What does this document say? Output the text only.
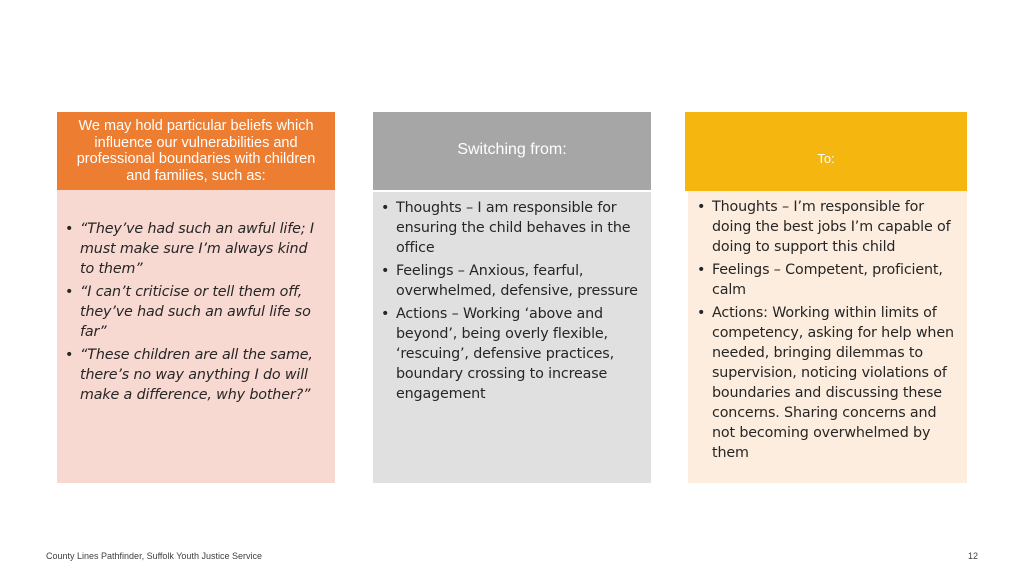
We may hold particular beliefs which influence our vulnerabilities and professional boundaries with children and families, such as:
• “They’ve had such an awful life; I must make sure I’m always kind to them”
• “I can’t criticise or tell them off, they’ve had such an awful life so far”
• “These children are all the same, there’s no way anything I do will make a difference, why bother?”
Switching from:
• Thoughts – I am responsible for ensuring the child behaves in the office
• Feelings – Anxious, fearful, overwhelmed, defensive, pressure
• Actions – Working ‘above and beyond’, being overly flexible, ‘rescuing’, defensive practices, boundary crossing to increase engagement
To:
• Thoughts – I’m responsible for doing the best jobs I’m capable of doing to support this child
• Feelings – Competent, proficient, calm
• Actions: Working within limits of competency, asking for help when needed, bringing dilemmas to supervision, noticing violations of boundaries and discussing these concerns. Sharing concerns and not becoming overwhelmed by them
County Lines Pathfinder, Suffolk Youth Justice Service	12
